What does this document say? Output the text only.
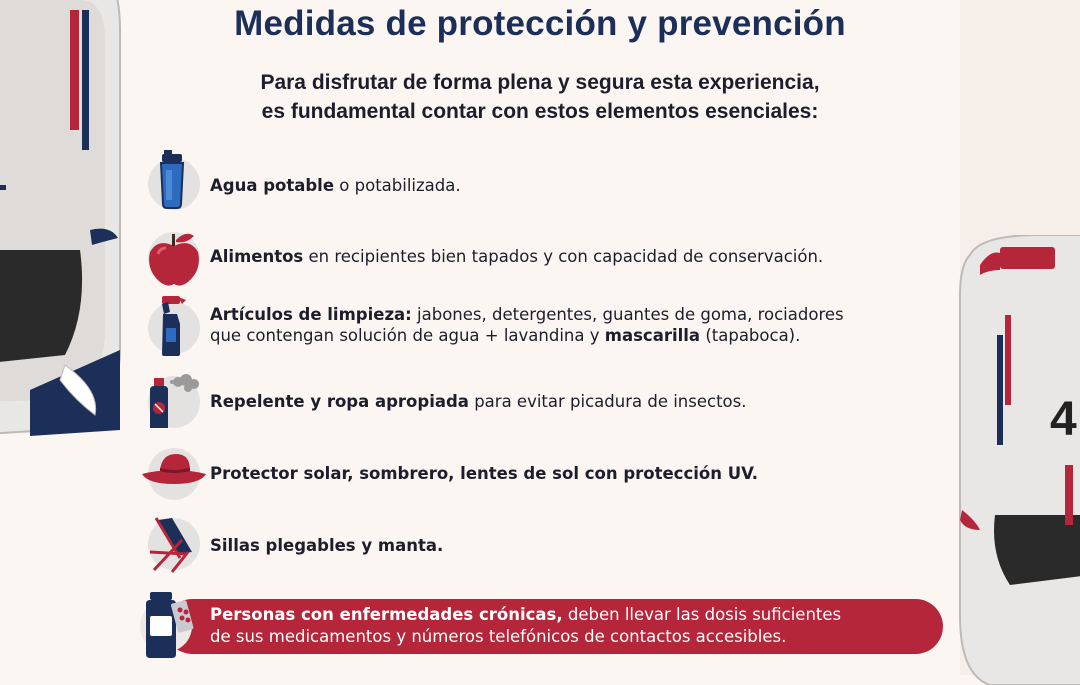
4
Medidas de protección y prevención

Para disfrutar de forma plena y segura esta experiencia,
es fundamental contar con estos elementos esenciales:

Agua potable o potabilizada.
Alimentos en recipientes bien tapados y con capacidad de conservación.
Artículos de limpieza: jabones, detergentes, guantes de goma, rociadores
que contengan solución de agua + lavandina y mascarilla (tapaboca).
Repelente y ropa apropiada para evitar picadura de insectos.
Protector solar, sombrero, lentes de sol con protección UV.
Sillas plegables y manta.
Personas con enfermedades crónicas, deben llevar las dosis suficientes
de sus medicamentos y números telefónicos de contactos accesibles.
